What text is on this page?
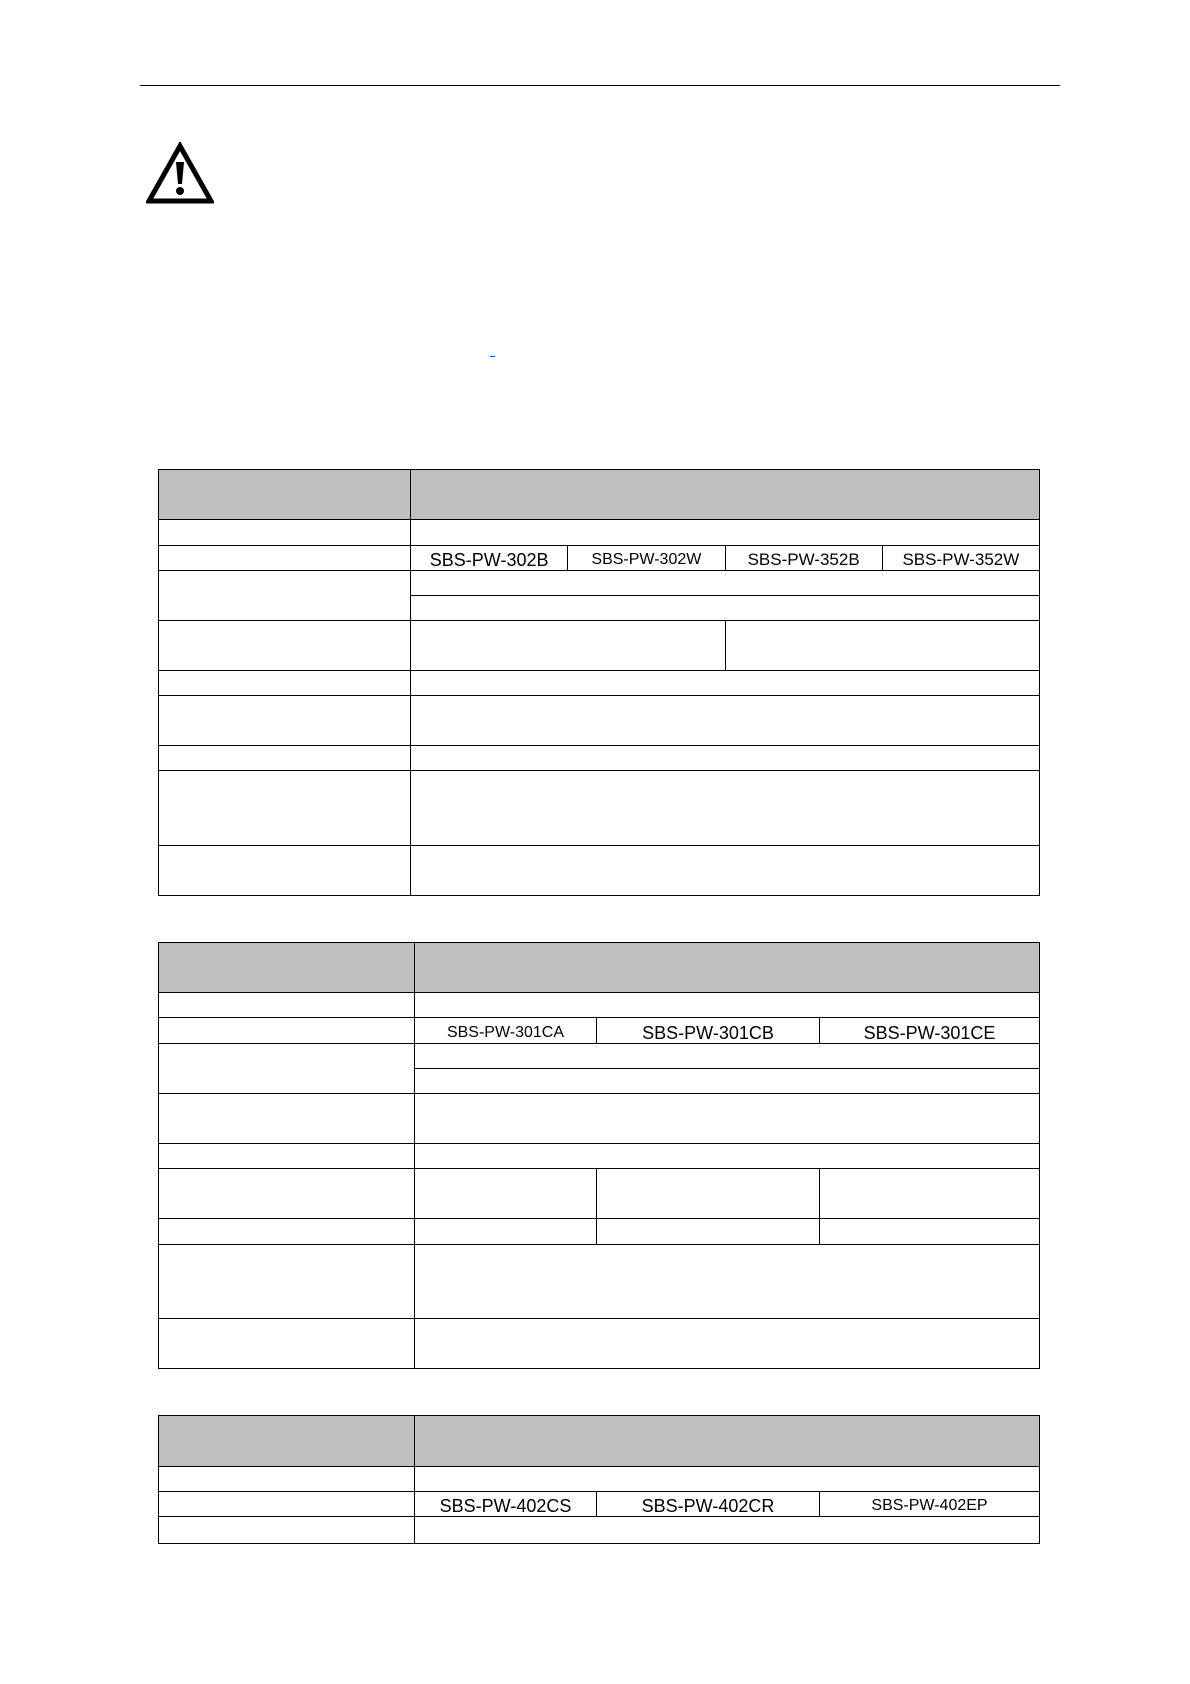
	SBS-PW-302B	SBS-PW-302W	SBS-PW-352B	SBS-PW-352W

	SBS-PW-301CA	SBS-PW-301CB	SBS-PW-301CE

	SBS-PW-402CS	SBS-PW-402CR	SBS-PW-402EP
